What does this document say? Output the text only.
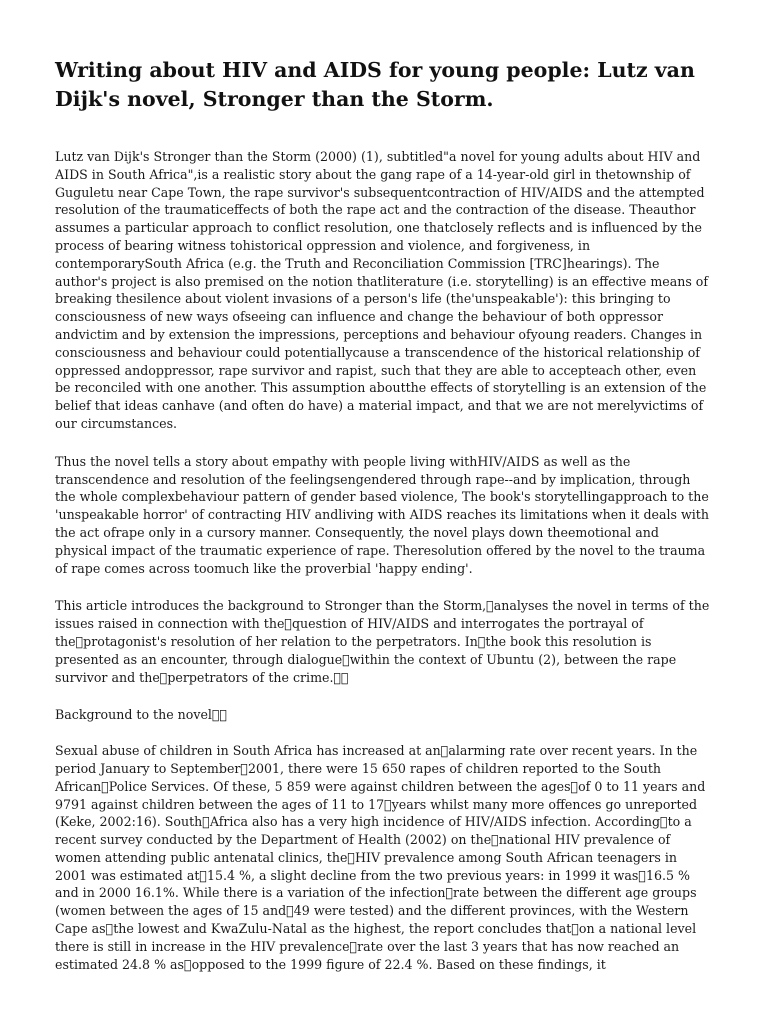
Writing about HIV and AIDS for young people: Lutz van Dijk's novel, Stronger than the Storm.

Lutz van Dijk's Stronger than the Storm (2000) (1), subtitled"a novel for young adults about HIV and AIDS in South Africa",is a realistic story about the gang rape of a 14-year-old girl in thetownship of Guguletu near Cape Town, the rape survivor's subsequentcontraction of HIV/AIDS and the attempted resolution of the traumaticeffects of both the rape act and the contraction of the disease. Theauthor assumes a particular approach to conflict resolution, one thatclosely reflects and is influenced by the process of bearing witness tohistorical oppression and violence, and forgiveness, in contemporarySouth Africa (e.g. the Truth and Reconciliation Commission [TRC]hearings). The author's project is also premised on the notion thatliterature (i.e. storytelling) is an effective means of breaking thesilence about violent invasions of a person's life (the'unspeakable'): this bringing to consciousness of new ways ofseeing can influence and change the behaviour of both oppressor andvictim and by extension the impressions, perceptions and behaviour ofyoung readers. Changes in consciousness and behaviour could potentiallycause a transcendence of the historical relationship of oppressed andoppressor, rape survivor and rapist, such that they are able to accepteach other, even be reconciled with one another. This assumption aboutthe effects of storytelling is an extension of the belief that ideas canhave (and often do have) a material impact, and that we are not merelyvictims of our circumstances.

Thus the novel tells a story about empathy with people living withHIV/AIDS as well as the transcendence and resolution of the feelingsengendered through rape--and by implication, through the whole complexbehaviour pattern of gender based violence, The book's storytellingapproach to the 'unspeakable horror' of contracting HIV andliving with AIDS reaches its limitations when it deals with the act ofrape only in a cursory manner. Consequently, the novel plays down theemotional and physical impact of the traumatic experience of rape. Theresolution offered by the novel to the trauma of rape comes across toomuch like the proverbial 'happy ending'.

This article introduces the background to Stronger than the Storm, analyses the novel in terms of the issues raised in connection with the question of HIV/AIDS and interrogates the portrayal of the protagonist's resolution of her relation to the perpetrators. In the book this resolution is presented as an encounter, through dialogue within the context of Ubuntu (2), between the rape survivor and the perpetrators of the crime.  

Background to the novel  

Sexual abuse of children in South Africa has increased at an alarming rate over recent years. In the period January to September 2001, there were 15 650 rapes of children reported to the South African Police Services. Of these, 5 859 were against children between the ages of 0 to 11 years and 9791 against children between the ages of 11 to 17 years whilst many more offences go unreported (Keke, 2002:16). South Africa also has a very high incidence of HIV/AIDS infection. According to a recent survey conducted by the Department of Health (2002) on the national HIV prevalence of women attending public antenatal clinics, the HIV prevalence among South African teenagers in 2001 was estimated at 15.4 %, a slight decline from the two previous years: in 1999 it was 16.5 % and in 2000 16.1%. While there is a variation of the infection rate between the different age groups (women between the ages of 15 and 49 were tested) and the different provinces, with the Western Cape as the lowest and KwaZulu-Natal as the highest, the report concludes that on a national level there is still in increase in the HIV prevalence rate over the last 3 years that has now reached an estimated 24.8 % as opposed to the 1999 figure of 22.4 %. Based on these findings, it
